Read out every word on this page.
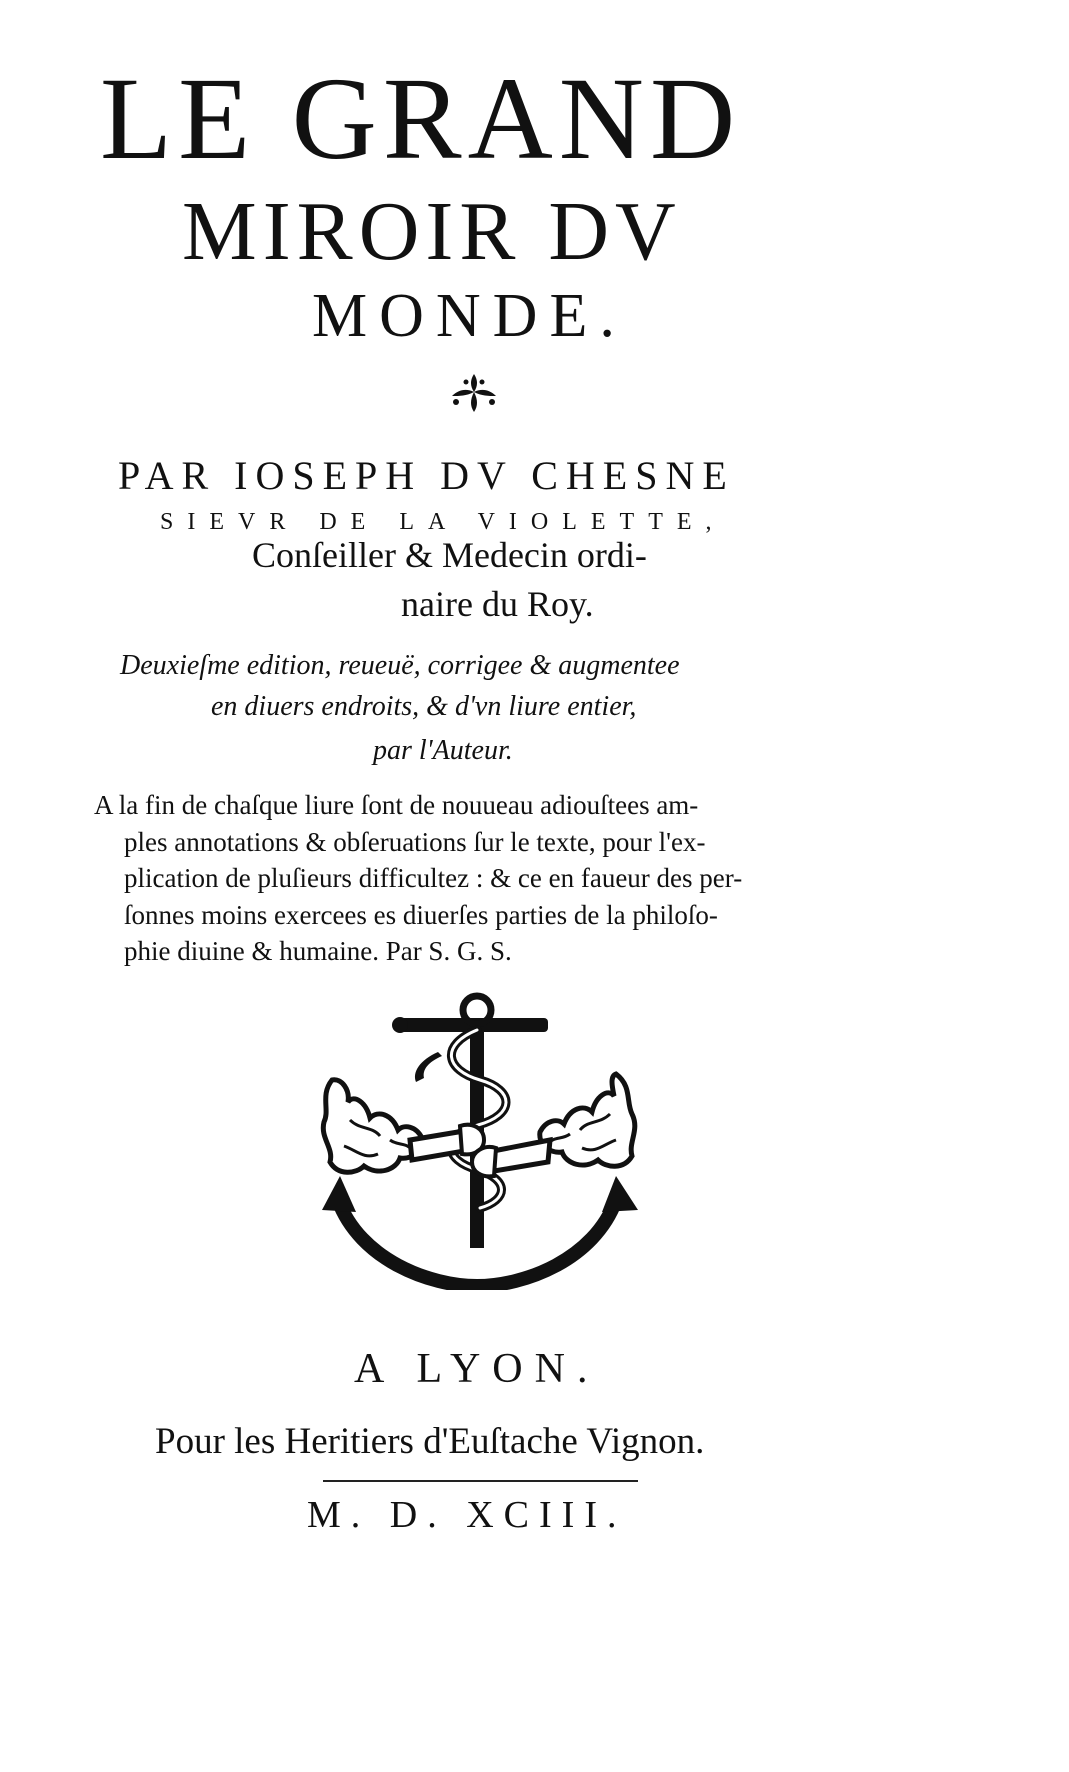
LE GRAND
MIROIR DV
MONDE.
PAR IOSEPH DV CHESNE
SIEVR DE LA VIOLETTE,
Conſeiller & Medecin ordi-
naire du Roy.
Deuxieſme edition, reueuë, corrigee & augmentee
en diuers endroits, & d'vn liure entier,
par l'Auteur.
A la fin de chaſque liure ſont de nouueau adiouſtees am-
ples annotations & obſeruations ſur le texte, pour l'ex-
plication de pluſieurs difficultez : & ce en faueur des per-
ſonnes moins exercees es diuerſes parties de la philoſo-
phie diuine & humaine. Par S. G. S.
A LYON.
Pour les Heritiers d'Euſtache Vignon.
M. D. XCIII.
